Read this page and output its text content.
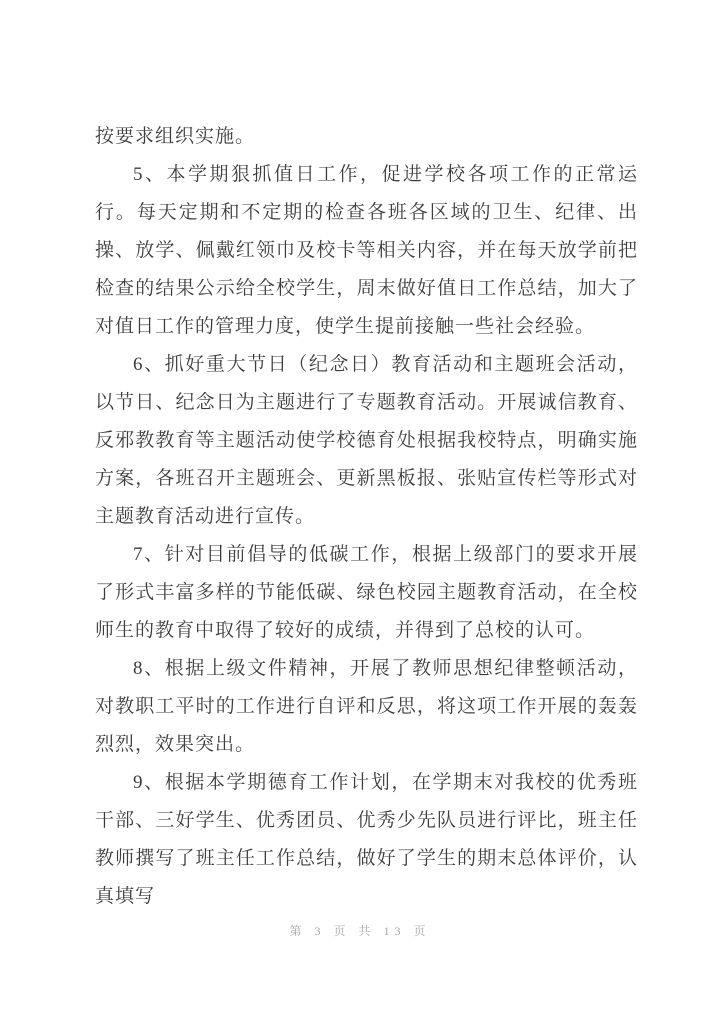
按要求组织实施。

5、本学期狠抓值日工作，促进学校各项工作的正常运行。每天定期和不定期的检查各班各区域的卫生、纪律、出操、放学、佩戴红领巾及校卡等相关内容，并在每天放学前把检查的结果公示给全校学生，周末做好值日工作总结，加大了对值日工作的管理力度，使学生提前接触一些社会经验。

6、抓好重大节日（纪念日）教育活动和主题班会活动，以节日、纪念日为主题进行了专题教育活动。开展诚信教育、反邪教教育等主题活动使学校德育处根据我校特点，明确实施方案，各班召开主题班会、更新黑板报、张贴宣传栏等形式对主题教育活动进行宣传。

7、针对目前倡导的低碳工作，根据上级部门的要求开展了形式丰富多样的节能低碳、绿色校园主题教育活动，在全校师生的教育中取得了较好的成绩，并得到了总校的认可。

8、根据上级文件精神，开展了教师思想纪律整顿活动，对教职工平时的工作进行自评和反思，将这项工作开展的轰轰烈烈，效果突出。

9、根据本学期德育工作计划，在学期末对我校的优秀班干部、三好学生、优秀团员、优秀少先队员进行评比，班主任教师撰写了班主任工作总结，做好了学生的期末总体评价，认真填写

第 3 页 共 13 页
